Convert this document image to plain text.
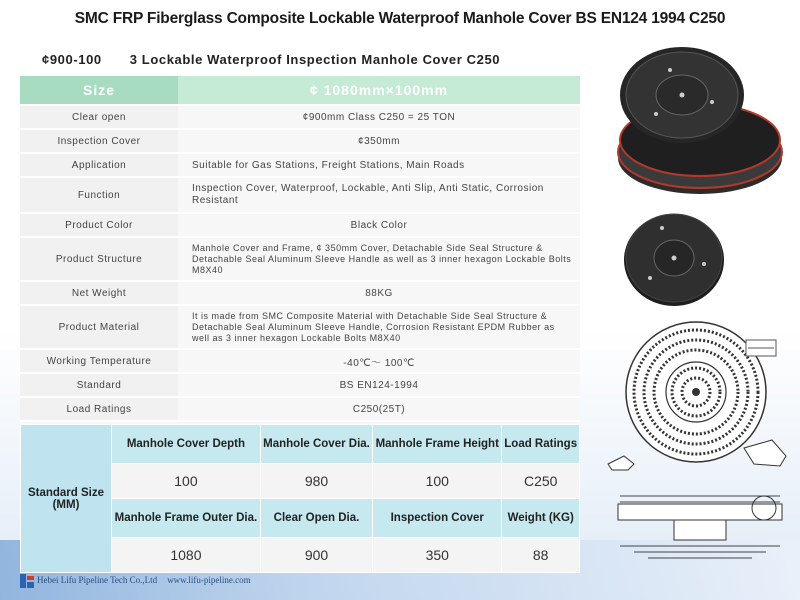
SMC FRP Fiberglass Composite Lockable Waterproof Manhole Cover BS EN124 1994 C250
¢900-100 3 Lockable Waterproof Inspection Manhole Cover C250
Size	¢ 1080mm×100mm
Clear open	¢900mm Class C250 = 25 TON
Inspection Cover	¢350mm
Application	Suitable for Gas Stations, Freight Stations, Main Roads
Function	Inspection Cover, Waterproof, Lockable, Anti Slip, Anti Static, Corrosion Resistant
Product Color	Black Color
Product Structure	Manhole Cover and Frame, ¢ 350mm Cover, Detachable Side Seal Structure & Detachable Seal Aluminum Sleeve Handle as well as 3 inner hexagon Lockable Bolts M8X40
Net Weight	88KG
Product Material	It is made from SMC Composite Material with Detachable Side Seal Structure & Detachable Seal Aluminum Sleeve Handle, Corrosion Resistant EPDM Rubber as well as 3 inner hexagon Lockable Bolts M8X40
Working Temperature	-40℃～ 100℃
Standard	BS EN124-1994
Load Ratings	C250(25T)
Standard Size (MM)	Manhole Cover Depth	Manhole Cover Dia.	Manhole Frame Height	Load Ratings
	100	980	100	C250
	Manhole Frame Outer Dia.	Clear Open Dia.	Inspection Cover	Weight (KG)
	1080	900	350	88
Hebei Lifu Pipeline Tech Co.,Ltd www.lifu-pipeline.com
